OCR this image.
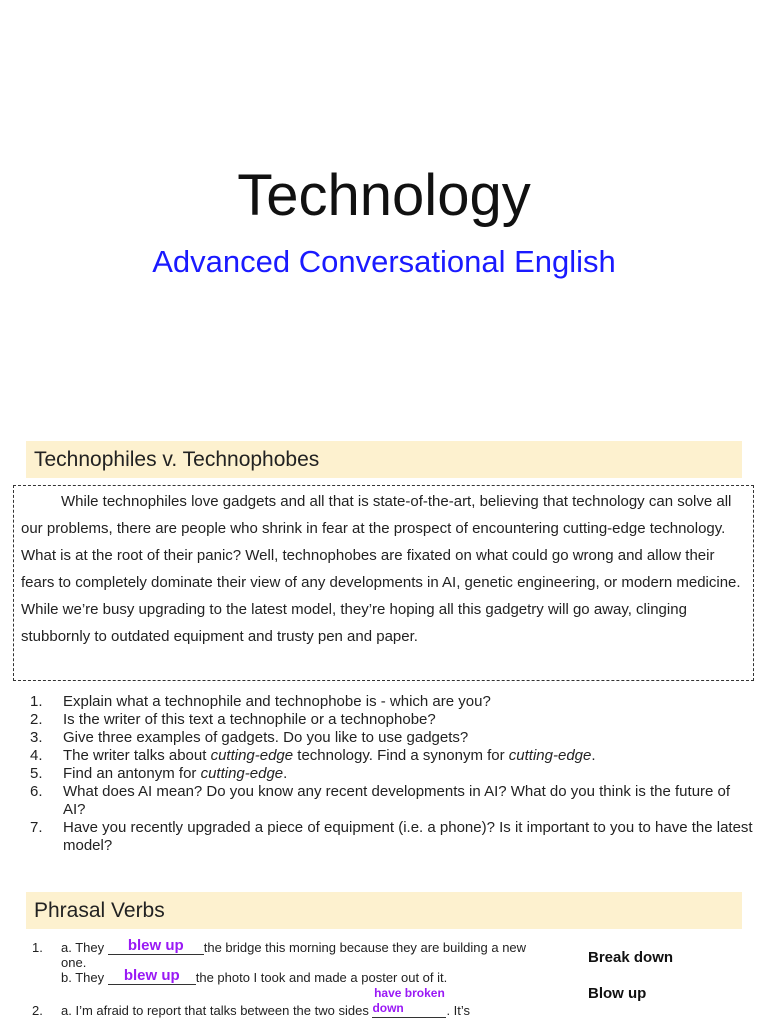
Technology
Advanced Conversational English
Technophiles v. Technophobes
While technophiles love gadgets and all that is state-of-the-art, believing that technology can solve all our problems, there are people who shrink in fear at the prospect of encountering cutting-edge technology. What is at the root of their panic? Well, technophobes are fixated on what could go wrong and allow their fears to completely dominate their view of any developments in AI, genetic engineering, or modern medicine. While we’re busy upgrading to the latest model, they’re hoping all this gadgetry will go away, clinging stubbornly to outdated equipment and trusty pen and paper.
1. Explain what a technophile and technophobe is - which are you?
2. Is the writer of this text a technophile or a technophobe?
3. Give three examples of gadgets. Do you like to use gadgets?
4. The writer talks about cutting-edge technology. Find a synonym for cutting-edge.
5. Find an antonym for cutting-edge.
6. What does AI mean? Do you know any recent developments in AI? What do you think is the future of AI?
7. Have you recently upgraded a piece of equipment (i.e. a phone)? Is it important to you to have the latest model?
Phrasal Verbs
1. a. They	blew up	the bridge this morning because they are building a new one.

b. They	blew up	the photo I took and made a poster out of it.

2. a. I’m afraid to report that talks between the two sides
have broken
down	. It’s

Break down
Blow up
